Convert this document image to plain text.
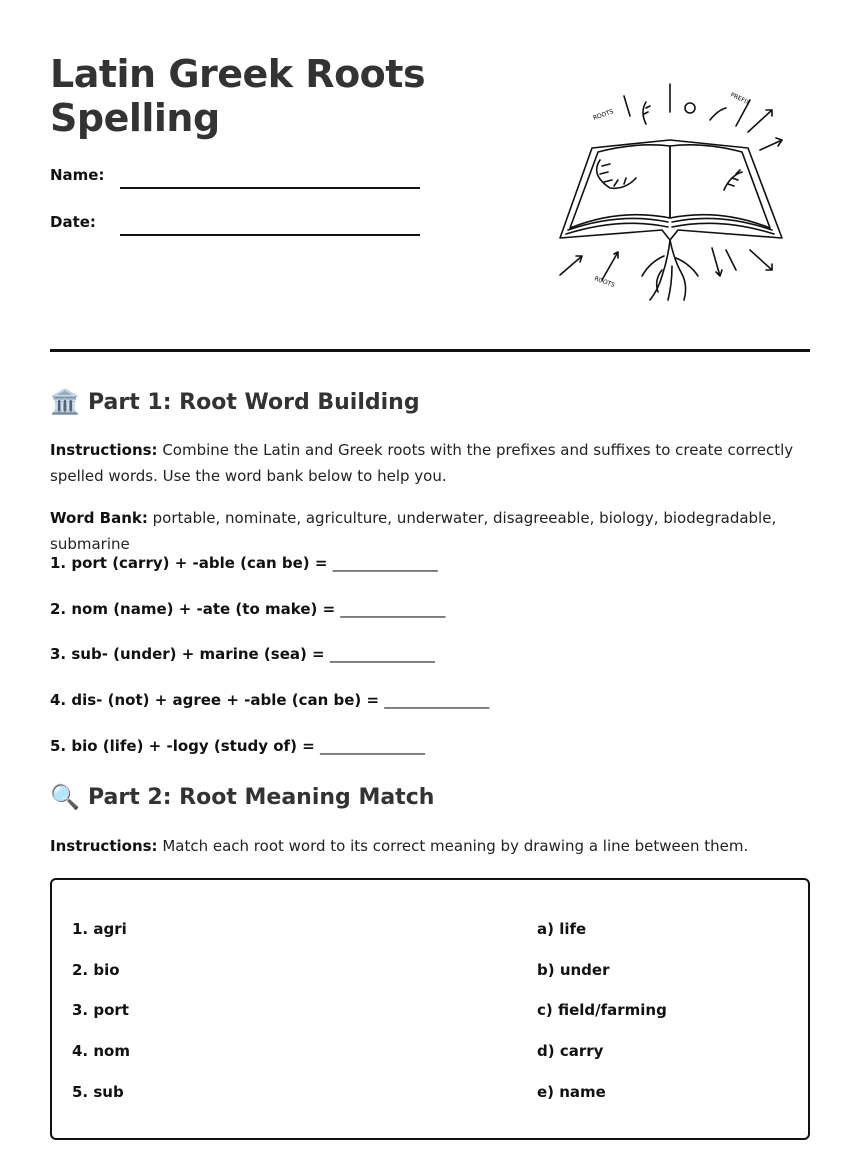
Latin Greek Roots
Spelling
Name:
Date:
ROOTS
PREFIX
ROOTS
🏛️ Part 1: Root Word Building
Instructions: Combine the Latin and Greek roots with the prefixes and suffixes to create correctly spelled words. Use the word bank below to help you.
Word Bank: portable, nominate, agriculture, underwater, disagreeable, biology, biodegradable, submarine
1. port (carry) + -able (can be) = ______________
2. nom (name) + -ate (to make) = ______________
3. sub- (under) + marine (sea) = ______________
4. dis- (not) + agree + -able (can be) = ______________
5. bio (life) + -logy (study of) = ______________
🔍 Part 2: Root Meaning Match
Instructions: Match each root word to its correct meaning by drawing a line between them.
1. agri
2. bio
3. port
4. nom
5. sub
a) life
b) under
c) field/farming
d) carry
e) name
